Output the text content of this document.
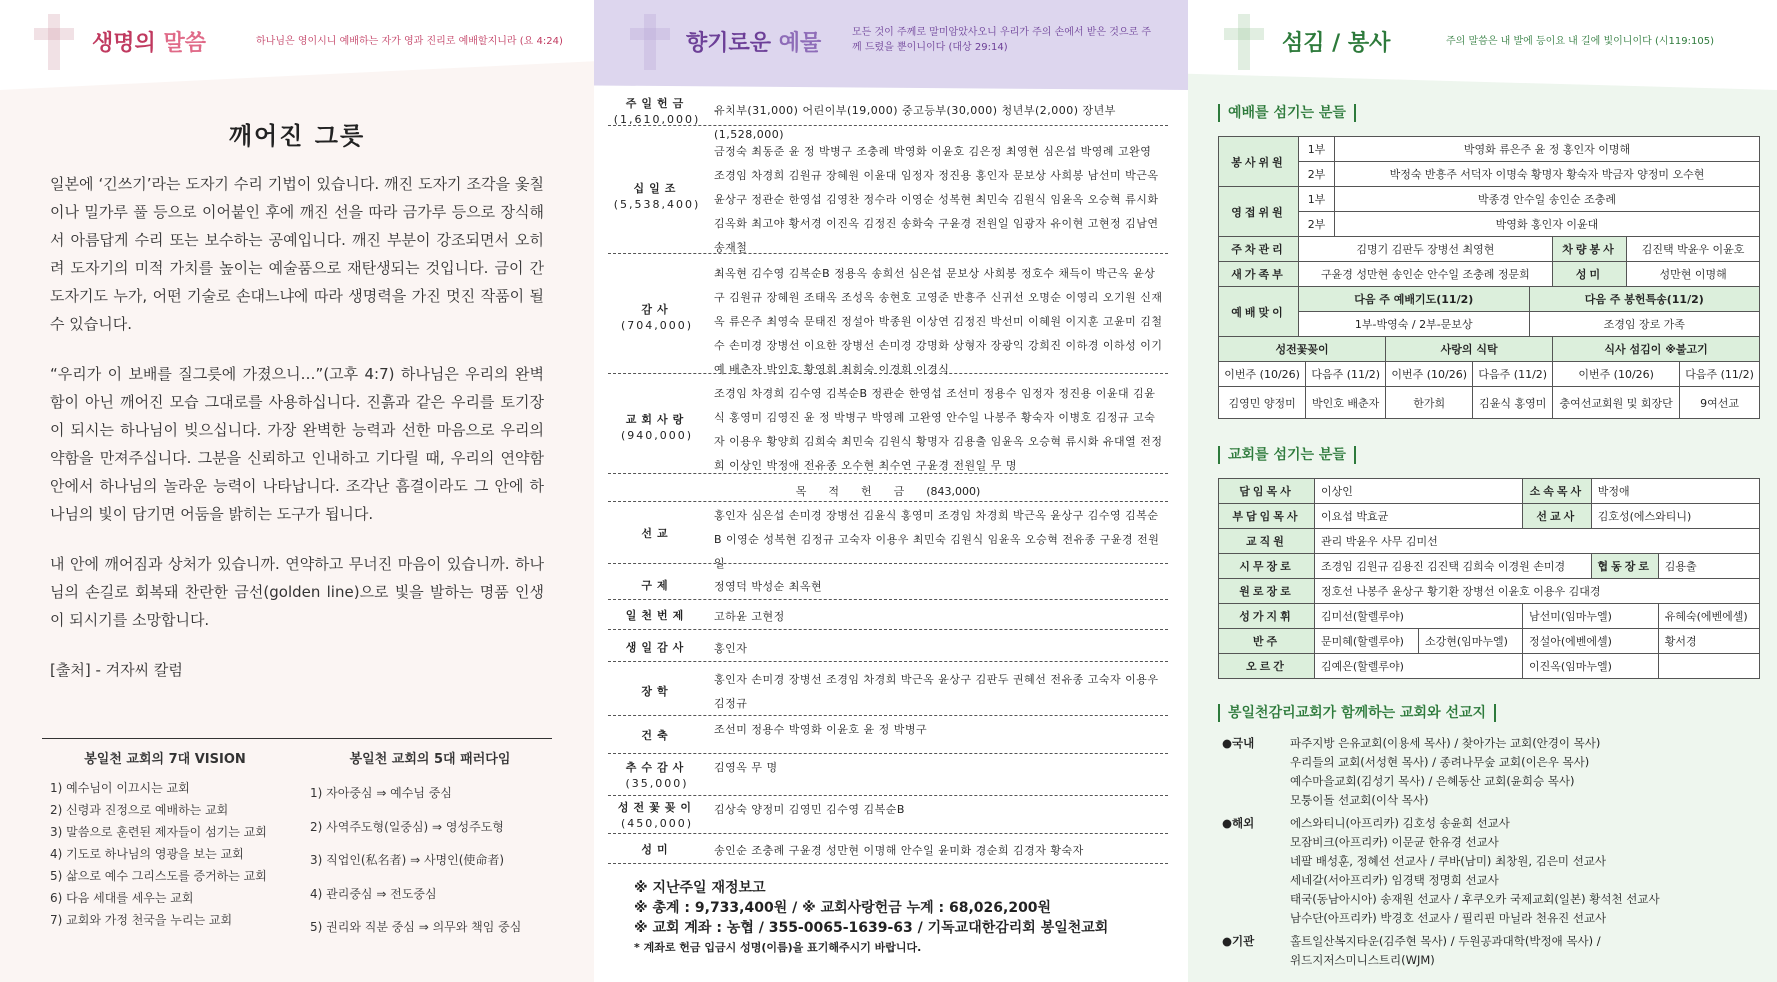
생명의 말씀	하나님은 영이시니 예배하는 자가 영과 진리로 예배할지니라 (요 4:24)
깨어진 그릇

일본에 ‘긴쓰기’라는 도자기 수리 기법이 있습니다. 깨진 도자기 조각을 옻칠이나 밀가루 풀 등으로 이어붙인 후에 깨진 선을 따라 금가루 등으로 장식해서 아름답게 수리 또는 보수하는 공예입니다. 깨진 부분이 강조되면서 오히려 도자기의 미적 가치를 높이는 예술품으로 재탄생되는 것입니다. 금이 간 도자기도 누가, 어떤 기술로 손대느냐에 따라 생명력을 가진 멋진 작품이 될 수 있습니다.

“우리가 이 보배를 질그릇에 가졌으니…”(고후 4:7) 하나님은 우리의 완벽함이 아닌 깨어진 모습 그대로를 사용하십니다. 진흙과 같은 우리를 토기장이 되시는 하나님이 빚으십니다. 가장 완벽한 능력과 선한 마음으로 우리의 약함을 만져주십니다. 그분을 신뢰하고 인내하고 기다릴 때, 우리의 연약함 안에서 하나님의 놀라운 능력이 나타납니다. 조각난 흠결이라도 그 안에 하나님의 빛이 담기면 어둠을 밝히는 도구가 됩니다.

내 안에 깨어짐과 상처가 있습니까. 연약하고 무너진 마음이 있습니까. 하나님의 손길로 회복돼 찬란한 금선(golden line)으로 빛을 발하는 명품 인생이 되시기를 소망합니다.

[출처] - 겨자씨 칼럼

봉일천 교회의 7대 VISION
1) 예수님이 이끄시는 교회
2) 신령과 진정으로 예배하는 교회
3) 말씀으로 훈련된 제자들이 섬기는 교회
4) 기도로 하나님의 영광을 보는 교회
5) 삶으로 예수 그리스도를 증거하는 교회
6) 다음 세대를 세우는 교회
7) 교회와 가정 천국을 누리는 교회
봉일천 교회의 5대 패러다임
1) 자아중심 ⇒ 예수님 중심
2) 사역주도형(일중심) ⇒ 영성주도형
3) 직업인(私名者) ⇒ 사명인(使命者)
4) 관리중심 ⇒ 전도중심
5) 권리와 직분 중심 ⇒ 의무와 책임 중심
향기로운 예물	모든 것이 주께로 말미암았사오니 우리가 주의 손에서 받은 것으로 주께 드렸을 뿐이니이다 (대상 29:14)
주일헌금
(1,610,000)
유치부(31,000) 어린이부(19,000) 중고등부(30,000) 청년부(2,000) 장년부(1,528,000)
십일조
(5,538,400)
금정숙 최동준 윤 정 박병구 조충례 박영화 이윤호 김은정 최영현 심은섭 박영례 고완영 조경임 차경희 김원규 장혜원 이윤대 임정자 정진용 홍인자 문보상 사희봉 남선미 박근옥 윤상구 정관순 한영섭 김영찬 정수라 이영순 성복현 최민숙 김원식 임윤옥 오승혁 류시화 김옥화 최고야 황서경 이진옥 김정진 송화숙 구윤경 전원일 임광자 유이현 고현정 김남연 송재철
감사
(704,000)
최옥현 김수영 김복순B 정용옥 송희선 심은섭 문보상 사희봉 정호수 채득이 박근옥 윤상구 김원규 장혜원 조태옥 조성옥 송현호 고영준 반흥주 신귀선 오명순 이영리 오기원 신재옥 류은주 최영숙 문태진 정설아 박종원 이상연 김정진 박선미 이혜원 이지훈 고윤미 김철수 손미경 장병선 이요한 장병선 손미경 강명화 상형자 장광익 강희진 이하경 이하성 이기예 배춘자 박인호 황영희 최희숙 이경희 이경식
교회사랑
(940,000)
조경임 차경희 김수영 김복순B 정관순 한영섭 조선미 정용수 임정자 정진용 이윤대 김윤식 홍영미 김영진 윤 정 박병구 박영례 고완영 안수일 나봉주 황숙자 이병호 김정규 고숙자 이용우 황양희 김희숙 최민숙 김원식 황명자 김용출 임윤옥 오승혁 류시화 유대열 전정희 이상인 박정애 전유종 오수현 최수연 구윤경 전원일 무 명
목적헌금(843,000)
선교
홍인자 심은섭 손미경 장병선 김윤식 홍영미 조경임 차경희 박근옥 윤상구 김수영 김복순B 이영순 성복현 김정규 고숙자 이용우 최민숙 김원식 임윤옥 오승혁 전유종 구윤경 전원일
구제	정영덕 박성순 최옥현
일천번제	고하윤 고현정
생일감사	홍인자
장학
홍인자 손미경 장병선 조경임 차경희 박근옥 윤상구 김판두 권혜선 전유종 고숙자 이용우 김정규
건축	조선미 정용수 박영화 이윤호 윤 정 박병구
추수감사
(35,000)
김영옥 무 명
성전꽃꽂이
(450,000)
김상숙 양정미 김영민 김수영 김복순B
성미	송인순 조충례 구윤경 성만현 이명해 안수일 윤미화 경순희 김경자 황숙자
※ 지난주일 재정보고
※ 총계 : 9,733,400원 / ※ 교회사랑헌금 누계 : 68,026,200원
※ 교회 계좌 : 농협 / 355-0065-1639-63 / 기독교대한감리회 봉일천교회
* 계좌로 헌금 입금시 성명(이름)을 표기해주시기 바랍니다.
섬김 / 봉사	주의 말씀은 내 발에 등이요 내 길에 빛이니이다 (시119:105)
예배를 섬기는 분들
봉사위원	1부	박영화 류은주 윤 정 홍인자 이명해		
	2부	박정숙 반흥주 서덕자 이명숙 황명자 황숙자 박금자 양정미 오수현		
영접위원	1부	박종경 안수일 송인순 조충례		
	2부	박영화 홍인자 이윤대		
주차관리	김명기 김판두 장병선 최영현		차량봉사	김진택 박윤우 이윤호
새가족부	구윤경 성만현 송인순 안수일 조충례 정문희		성미	성만현 이명해
예배맞이	다음 주 예배기도(11/2)	다음 주 봉헌특송(11/2)
	1부-박영숙 / 2부-문보상	조경임 장로 가족
성전꽃꽂이		사랑의 식탁		식사 섬김이 ※불고기	
이번주 (10/26)	다음주 (11/2)	이번주 (10/26)	다음주 (11/2)	이번주 (10/26)	다음주 (11/2)
김영민 양정미	박인호 배춘자	한가희	김윤식 홍영미	충여선교회원 및 회장단	9여선교
교회를 섬기는 분들
담임목사	이상인		소속목사	박정애	
부담임목사	이요섭 박효균		선교사	김호성(에스와티니)	
교직원	관리 박윤우 사무 김미선				
시무장로	조경임 김원규 김용진 김진택 김희숙 이경원 손미경			협동장로	김용출
원로장로	정호선 나봉주 윤상구 황기환 장병선 이윤호 이용우 김대경				
성가지휘	김미선(할렐루야)		남선미(임마누엘)		유혜숙(에벤에셀)
반주	문미혜(할렐루야)	소강현(임마누엘)	정설아(에벤에셀)		황서경
오르간	김예은(할렐루야)		이진옥(임마누엘)		
봉일천감리교회가 함께하는 교회와 선교지
●국내	파주지방 은유교회(이용세 목사) / 찾아가는 교회(안경이 목사)
우리들의 교회(서성현 목사) / 종려나무숲 교회(이은우 목사)
예수마을교회(김성기 목사) / 은혜동산 교회(윤희승 목사)
모퉁이돌 선교회(이삭 목사)
●해외	에스와티니(아프리카) 김호성 송윤희 선교사
모잠비크(아프리카) 이문균 한유경 선교사
네팔 배성훈, 정혜선 선교사 / 쿠바(남미) 최창원, 김은미 선교사
세네갈(서아프리카) 임경택 정명희 선교사
태국(동남아시아) 송재원 선교사 / 후쿠오카 국제교회(일본) 황석천 선교사
남수단(아프리카) 박경호 선교사 / 필리핀 마닐라 천유진 선교사
●기관	홀트일산복지타운(김주현 목사) / 두원공과대학(박정애 목사) /
위드지저스미니스트리(WJM)
